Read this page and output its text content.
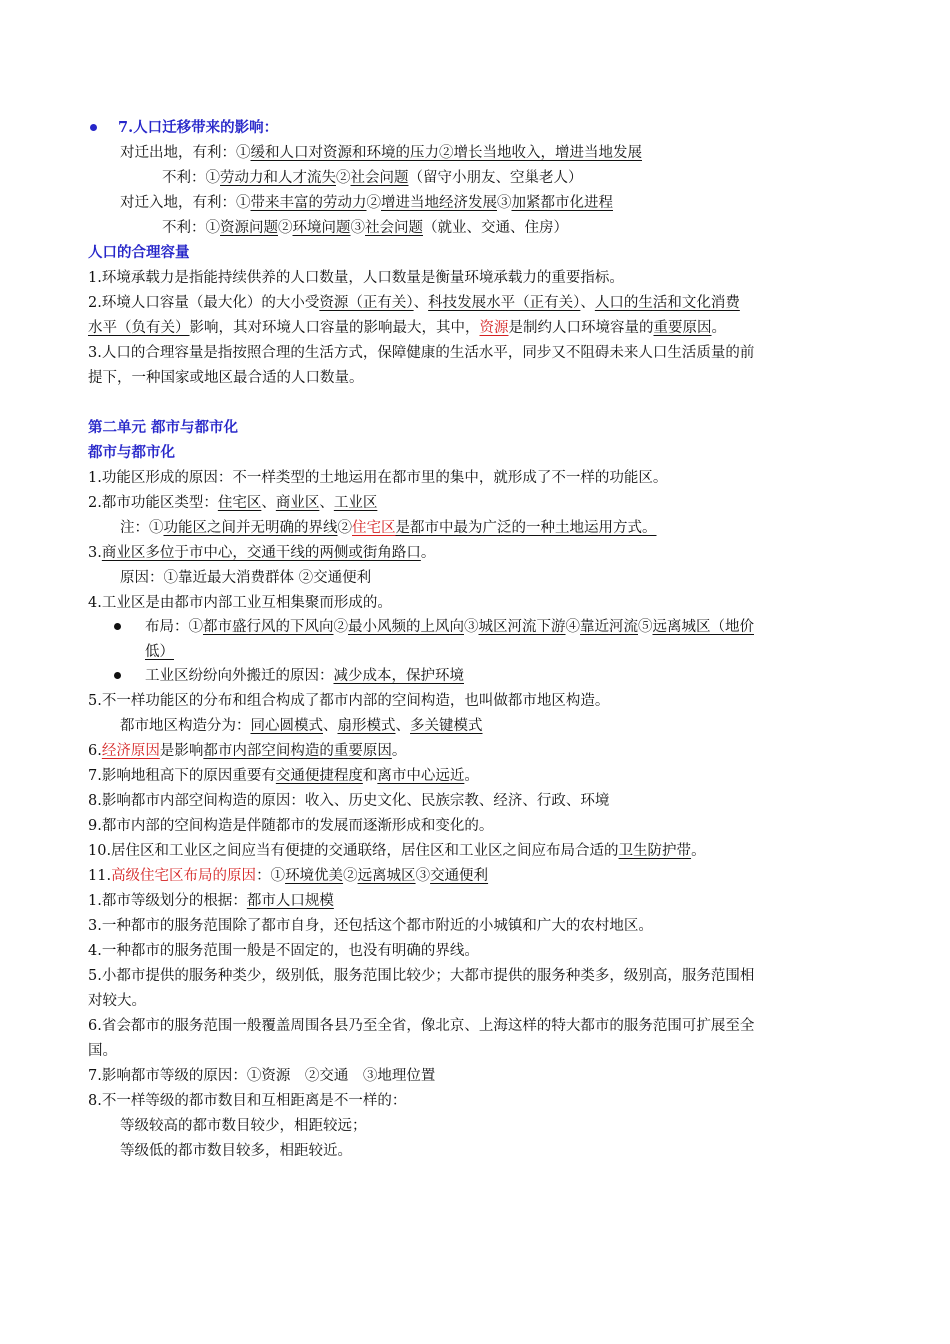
7.人口迁移带来的影响：
对迁出地，有利：①缓和人口对资源和环境的压力②增长当地收入，增进当地发展
不利：①劳动力和人才流失②社会问题（留守小朋友、空巢老人）
对迁入地，有利：①带来丰富的劳动力②增进当地经济发展③加紧都市化进程
不利：①资源问题②环境问题③社会问题（就业、交通、住房）
人口的合理容量
1.环境承载力是指能持续供养的人口数量，人口数量是衡量环境承载力的重要指标。
2.环境人口容量（最大化）的大小受资源（正有关）、科技发展水平（正有关）、人口的生活和文化消费
水平（负有关）影响，其对环境人口容量的影响最大，其中，资源是制约人口环境容量的重要原因。
3.人口的合理容量是指按照合理的生活方式，保障健康的生活水平，同步又不阻碍未来人口生活质量的前
提下，一种国家或地区最合适的人口数量。
第二单元 都市与都市化
都市与都市化
1.功能区形成的原因：不一样类型的土地运用在都市里的集中，就形成了不一样的功能区。
2.都市功能区类型：住宅区、商业区、工业区
注：①功能区之间并无明确的界线②住宅区是都市中最为广泛的一种土地运用方式。
3.商业区多位于市中心，交通干线的两侧或街角路口。
原因：①靠近最大消费群体 ②交通便利
4.工业区是由都市内部工业互相集聚而形成的。
布局：①都市盛行风的下风向②最小风频的上风向③城区河流下游④靠近河流⑤远离城区（地价
低）
工业区纷纷向外搬迁的原因：减少成本，保护环境
5.不一样功能区的分布和组合构成了都市内部的空间构造，也叫做都市地区构造。
都市地区构造分为：同心圆模式、扇形模式、多关键模式
6.经济原因是影响都市内部空间构造的重要原因。
7.影响地租高下的原因重要有交通便捷程度和离市中心远近。
8.影响都市内部空间构造的原因：收入、历史文化、民族宗教、经济、行政、环境
9.都市内部的空间构造是伴随都市的发展而逐渐形成和变化的。
10.居住区和工业区之间应当有便捷的交通联络，居住区和工业区之间应布局合适的卫生防护带。
11.高级住宅区布局的原因：①环境优美②远离城区③交通便利
1.都市等级划分的根据：都市人口规模
3.一种都市的服务范围除了都市自身，还包括这个都市附近的小城镇和广大的农村地区。
4.一种都市的服务范围一般是不固定的，也没有明确的界线。
5.小都市提供的服务种类少，级别低，服务范围比较少；大都市提供的服务种类多，级别高，服务范围相
对较大。
6.省会都市的服务范围一般覆盖周围各县乃至全省，像北京、上海这样的特大都市的服务范围可扩展至全
国。
7.影响都市等级的原因：①资源　②交通　③地理位置
8.不一样等级的都市数目和互相距离是不一样的：
等级较高的都市数目较少，相距较远；
等级低的都市数目较多，相距较近。
